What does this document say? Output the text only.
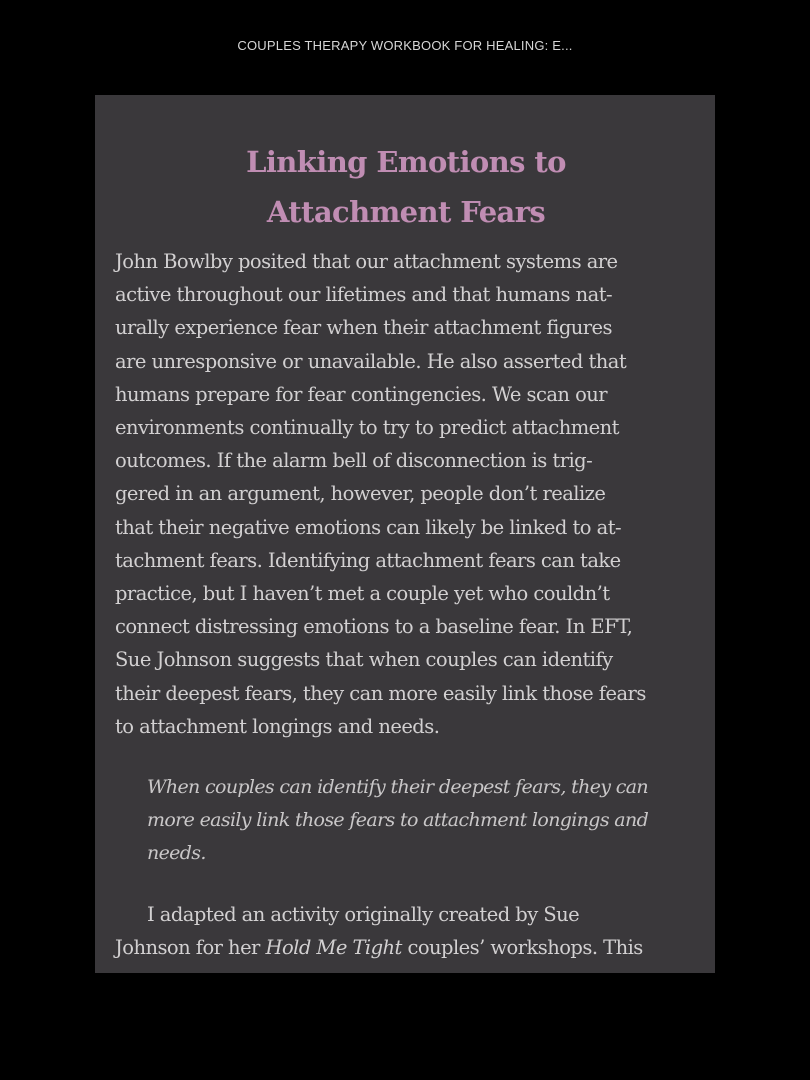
COUPLES THERAPY WORKBOOK FOR HEALING: E...
Linking Emotions to
Attachment Fears

John Bowlby posited that our attachment systems are
active throughout our lifetimes and that humans nat-
urally experience fear when their attachment figures
are unresponsive or unavailable. He also asserted that
humans prepare for fear contingencies. We scan our
environments continually to try to predict attachment
outcomes. If the alarm bell of disconnection is trig-
gered in an argument, however, people don’t realize
that their negative emotions can likely be linked to at-
tachment fears. Identifying attachment fears can take
practice, but I haven’t met a couple yet who couldn’t
connect distressing emotions to a baseline fear. In EFT,
Sue Johnson suggests that when couples can identify
their deepest fears, they can more easily link those fears
to attachment longings and needs.

When couples can identify their deepest fears, they can
more easily link those fears to attachment longings and
needs.

I adapted an activity originally created by Sue
Johnson for her Hold Me Tight couples’ workshops. This
